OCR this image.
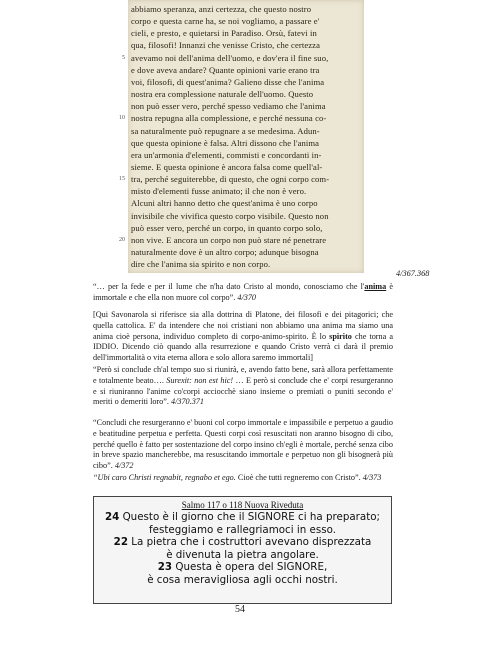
abbiamo speranza, anzi certezza, che questo nostro
corpo e questa carne ha, se noi vogliamo, a passare e'
cieli, e presto, e quietarsi in Paradiso. Orsù, fatevi in
qua, filosofi! Innanzi che venisse Cristo, che certezza
avevamo noi dell'anima dell'uomo, e dov'era il fine suo,
5
e dove aveva andare? Quante opinioni varie erano tra
voi, filosofi, di quest'anima? Galieno disse che l'anima
nostra era complessione naturale dell'uomo. Questo
non può esser vero, perché spesso vediamo che l'anima
nostra repugna alla complessione, e perché nessuna co-
10
sa naturalmente può repugnare a se medesima. Adun-
que questa opinione è falsa. Altri dissono che l'anima
era un'armonia d'elementi, commisti e concordanti in-
sieme. E questa opinione è ancora falsa come quell'al-
tra, perché seguiterebbe, di questo, che ogni corpo com-
15
misto d'elementi fusse animato; il che non è vero.
Alcuni altri hanno detto che quest'anima è uno corpo
invisibile che vivifica questo corpo visibile. Questo non
può esser vero, perché un corpo, in quanto corpo solo,
non vive. E ancora un corpo non può stare né penetrare
20
naturalmente dove è un altro corpo; adunque bisogna
dire che l'anima sia spirito e non corpo.
4/367.368
“… per la fede e per il lume che n'ha dato Cristo al mondo, conosciamo che l'anima è immortale e che ella non muore col corpo”. 4/370
[Qui Savonarola si riferisce sia alla dottrina di Platone, dei filosofi e dei pitagorici; che quella cattolica. E' da intendere che noi cristiani non abbiamo una anima ma siamo una anima cioè persona, individuo completo di corpo-animo-spirito. È lo spirito che torna a IDDIO. Dicendo ciò quando alla resurrezione e quando Cristo verrà ci darà il premio dell'immortalità o vita eterna allora e solo allora saremo immortali]
“Però si conclude ch'al tempo suo si riunirà, e, avendo fatto bene, sarà allora perfettamente e totalmente beato…. Surexit: non est hic! … E però si conclude che e' corpi resurgeranno e si riuniranno l'anime co'corpi acciocchè siano insieme o premiati o puniti secondo e' meriti o demeriti loro”. 4/370.371
“Concludi che resurgeranno e' buoni col corpo immortale e impassibile e perpetuo a gaudio e beatitudine perpetua e perfetta. Questi corpi così resuscitati non aranno bisogno di cibo, perché quello è fatto per sostentazione del corpo insino ch'egli è mortale, perché senza cibo in breve spazio mancherebbe, ma resuscitando immortale e perpetuo non gli bisognerà più cibo”. 4/372
“Ubi caro Christi regnabit, regnabo et ego. Cioè che tutti regneremo con Cristo”. 4/373
Salmo 117 o 118 Nuova Riveduta
24 Questo è il giorno che il SIGNORE ci ha preparato;
festeggiamo e rallegriamoci in esso.
22 La pietra che i costruttori avevano disprezzata
è divenuta la pietra angolare.
23 Questa è opera del SIGNORE,
è cosa meravigliosa agli occhi nostri.
54
